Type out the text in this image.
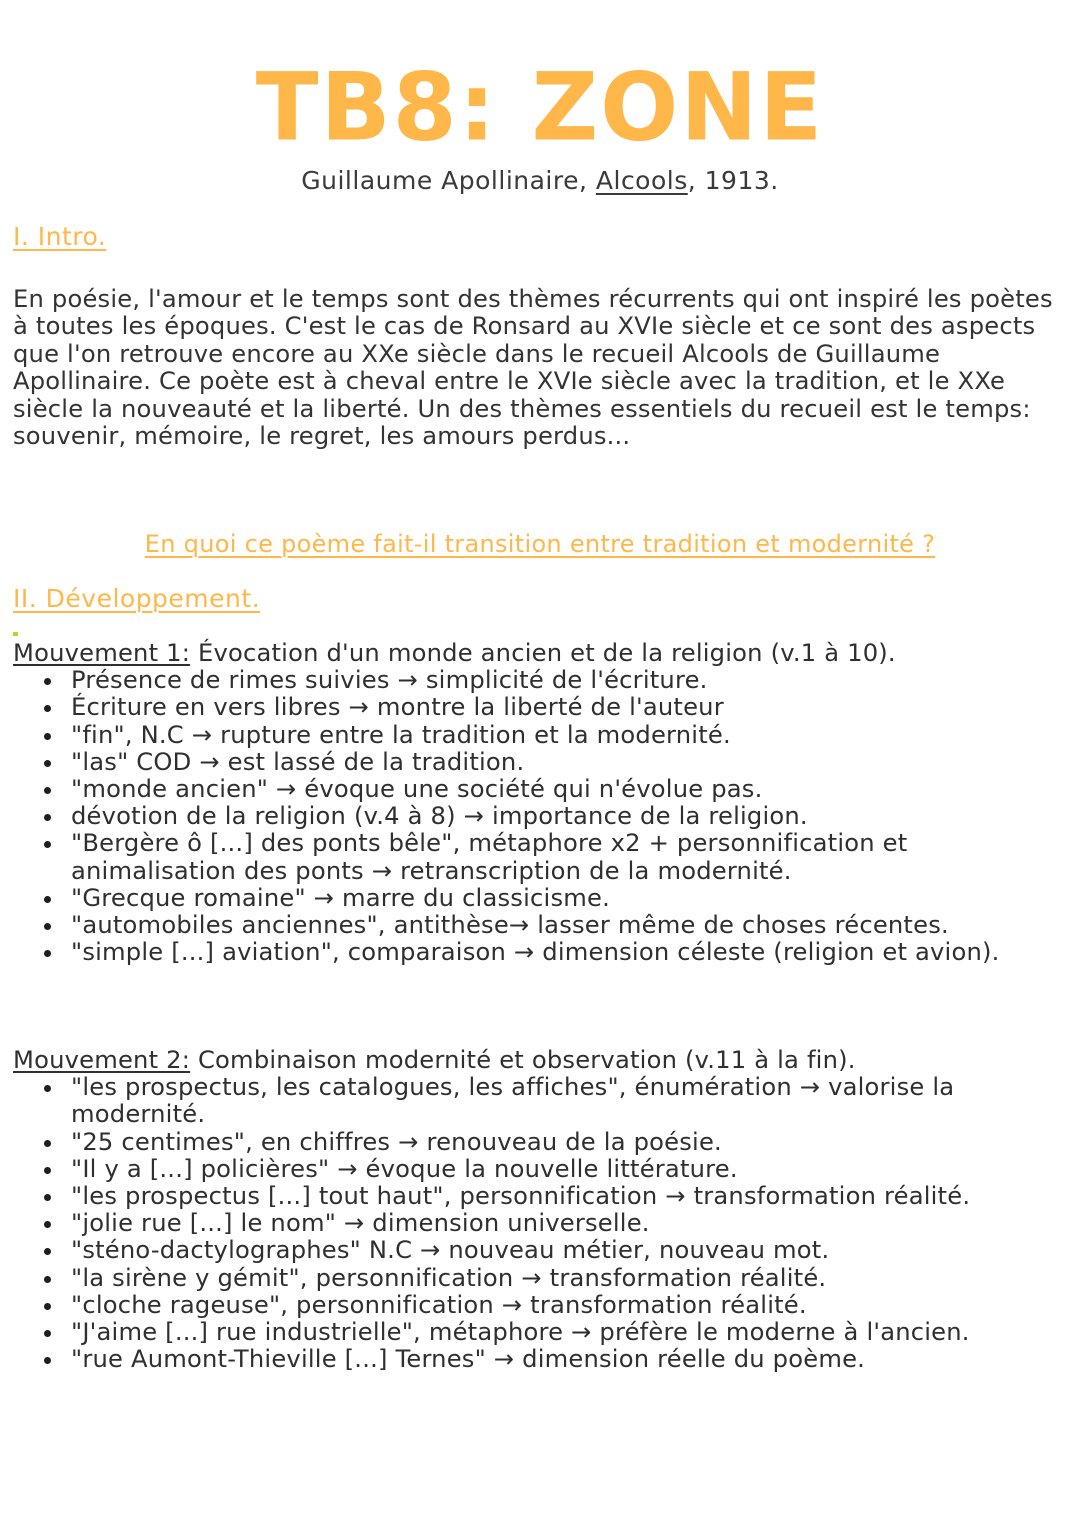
TB8: ZONE
Guillaume Apollinaire, Alcools, 1913.
I. Intro.

En poésie, l'amour et le temps sont des thèmes récurrents qui ont inspiré les poètes à toutes les époques. C'est le cas de Ronsard au XVIe siècle et ce sont des aspects que l'on retrouve encore au XXe siècle dans le recueil Alcools de Guillaume Apollinaire. Ce poète est à cheval entre le XVIe siècle avec la tradition, et le XXe siècle la nouveauté et la liberté. Un des thèmes essentiels du recueil est le temps: souvenir, mémoire, le regret, les amours perdus...

En quoi ce poème fait-il transition entre tradition et modernité ?
II. Développement.

Mouvement 1: Évocation d'un monde ancien et de la religion (v.1 à 10).

Présence de rimes suivies → simplicité de l'écriture.
Écriture en vers libres → montre la liberté de l'auteur
"fin", N.C → rupture entre la tradition et la modernité.
"las" COD → est lassé de la tradition.
"monde ancien" → évoque une société qui n'évolue pas.
dévotion de la religion (v.4 à 8) → importance de la religion.
"Bergère ô [...] des ponts bêle", métaphore x2 + personnification et animalisation des ponts → retranscription de la modernité.
"Grecque romaine" → marre du classicisme.
"automobiles anciennes", antithèse→ lasser même de choses récentes.
"simple [...] aviation", comparaison → dimension céleste (religion et avion).

Mouvement 2: Combinaison modernité et observation (v.11 à la fin).

"les prospectus, les catalogues, les affiches", énumération → valorise la modernité.
"25 centimes", en chiffres → renouveau de la poésie.
"Il y a [...] policières" → évoque la nouvelle littérature.
"les prospectus [...] tout haut", personnification → transformation réalité.
"jolie rue [...] le nom" → dimension universelle.
"sténo-dactylographes" N.C → nouveau métier, nouveau mot.
"la sirène y gémit", personnification → transformation réalité.
"cloche rageuse", personnification → transformation réalité.
"J'aime [...] rue industrielle", métaphore → préfère le moderne à l'ancien.
"rue Aumont-Thieville [...] Ternes" → dimension réelle du poème.
